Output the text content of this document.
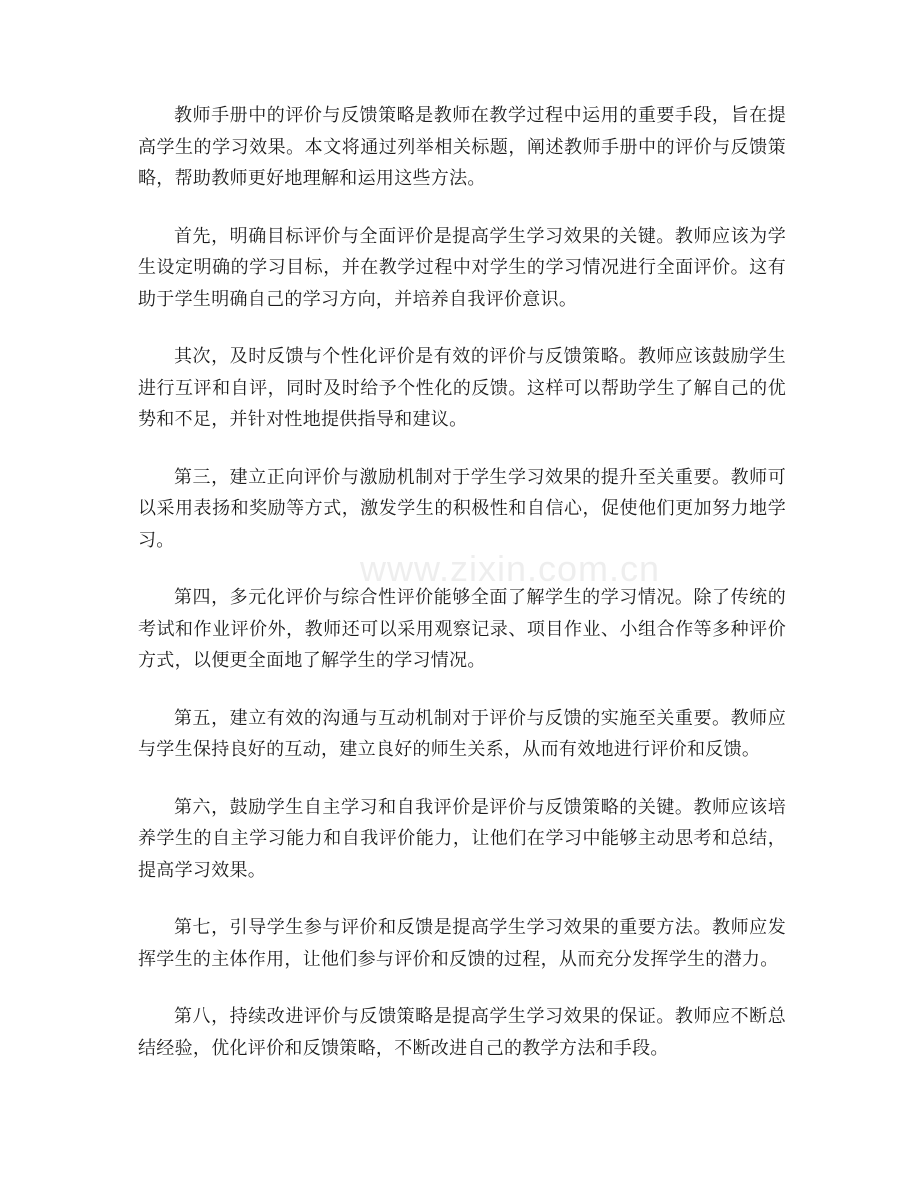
教师手册中的评价与反馈策略是教师在教学过程中运用的重要手段，旨在提高学生的学习效果。本文将通过列举相关标题，阐述教师手册中的评价与反馈策略，帮助教师更好地理解和运用这些方法。

首先，明确目标评价与全面评价是提高学生学习效果的关键。教师应该为学生设定明确的学习目标，并在教学过程中对学生的学习情况进行全面评价。这有助于学生明确自己的学习方向，并培养自我评价意识。

其次，及时反馈与个性化评价是有效的评价与反馈策略。教师应该鼓励学生进行互评和自评，同时及时给予个性化的反馈。这样可以帮助学生了解自己的优势和不足，并针对性地提供指导和建议。

第三，建立正向评价与激励机制对于学生学习效果的提升至关重要。教师可以采用表扬和奖励等方式，激发学生的积极性和自信心，促使他们更加努力地学习。

第四，多元化评价与综合性评价能够全面了解学生的学习情况。除了传统的考试和作业评价外，教师还可以采用观察记录、项目作业、小组合作等多种评价方式，以便更全面地了解学生的学习情况。

第五，建立有效的沟通与互动机制对于评价与反馈的实施至关重要。教师应与学生保持良好的互动，建立良好的师生关系，从而有效地进行评价和反馈。

第六，鼓励学生自主学习和自我评价是评价与反馈策略的关键。教师应该培养学生的自主学习能力和自我评价能力，让他们在学习中能够主动思考和总结，提高学习效果。

第七，引导学生参与评价和反馈是提高学生学习效果的重要方法。教师应发挥学生的主体作用，让他们参与评价和反馈的过程，从而充分发挥学生的潜力。

第八，持续改进评价与反馈策略是提高学生学习效果的保证。教师应不断总结经验，优化评价和反馈策略，不断改进自己的教学方法和手段。

www.zixin.com.cn
